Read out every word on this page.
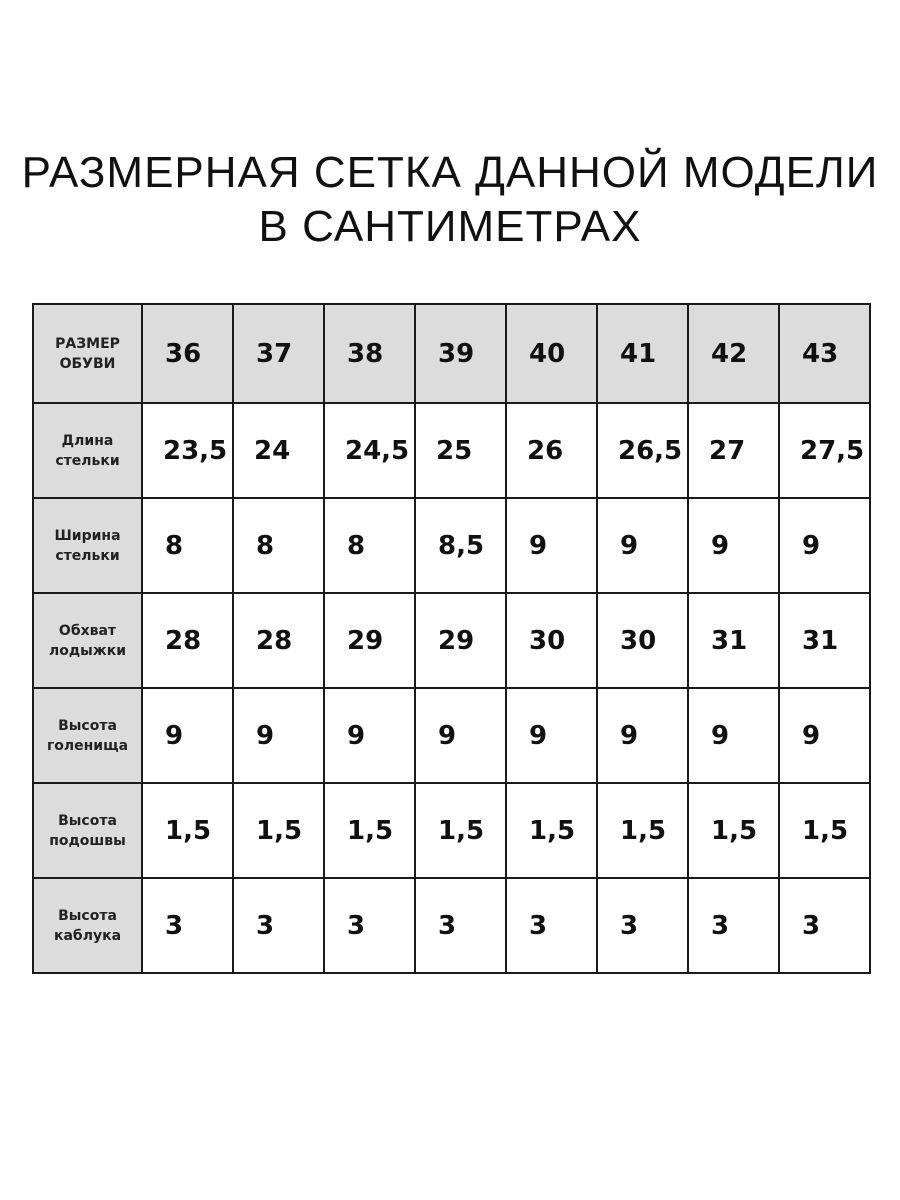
РАЗМЕРНАЯ СЕТКА ДАННОЙ МОДЕЛИ
В САНТИМЕТРАХ
РАЗМЕР
ОБУВИ	36	37	38	39	40	41	42	43

Длина
стельки	23,5	24	24,5	25	26	26,5	27	27,5

Ширина
стельки	8	8	8	8,5	9	9	9	9

Обхват
лодыжки	28	28	29	29	30	30	31	31

Высота
голенища	9	9	9	9	9	9	9	9

Высота
подошвы	1,5	1,5	1,5	1,5	1,5	1,5	1,5	1,5

Высота
каблука	3	3	3	3	3	3	3	3
